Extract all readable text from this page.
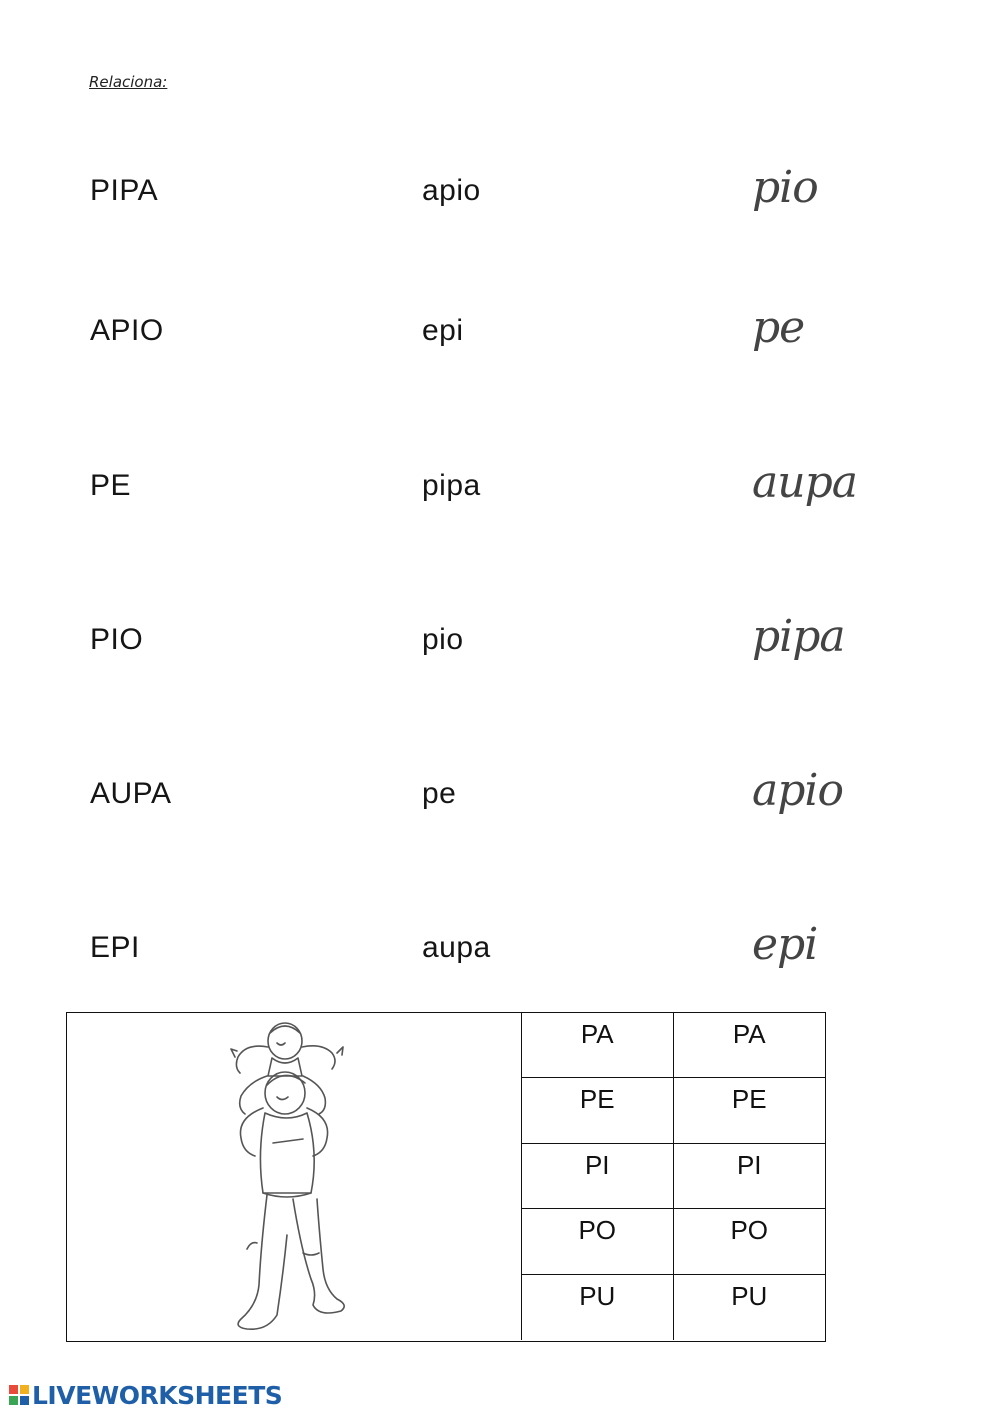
Relaciona:
PIPA	apio	pio
APIO	epi	pe
PE	pipa	aupa
PIO	pio	pipa
AUPA	pe	apio
EPI	aupa	epi
PA	PA
PE	PE
PI	PI
PO	PO
PU	PU
LIVEWORKSHEETS
